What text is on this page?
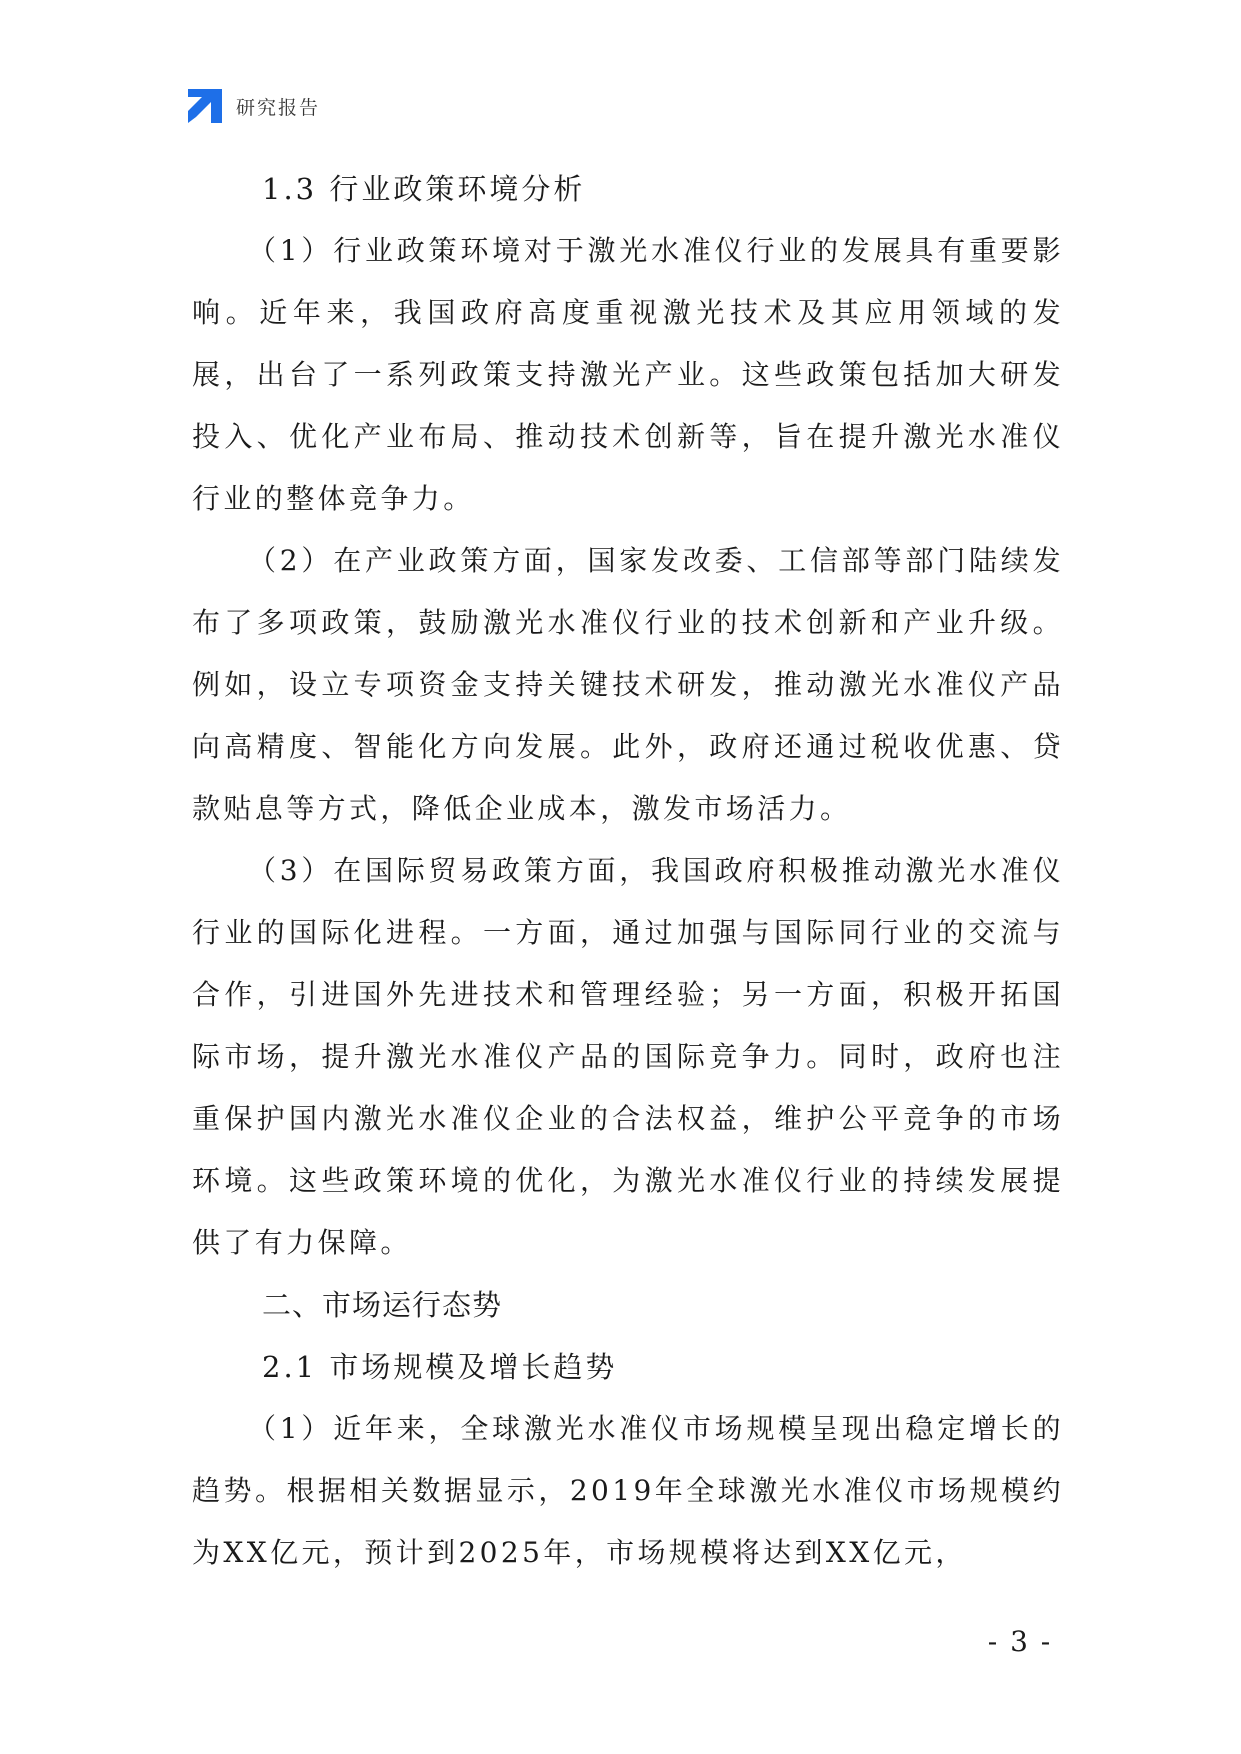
研究报告
1.3 行业政策环境分析

（1）行业政策环境对于激光水准仪行业的发展具有重要影响。近年来，我国政府高度重视激光技术及其应用领域的发展，出台了一系列政策支持激光产业。这些政策包括加大研发投入、优化产业布局、推动技术创新等，旨在提升激光水准仪行业的整体竞争力。

（2）在产业政策方面，国家发改委、工信部等部门陆续发布了多项政策，鼓励激光水准仪行业的技术创新和产业升级。例如，设立专项资金支持关键技术研发，推动激光水准仪产品向高精度、智能化方向发展。此外，政府还通过税收优惠、贷款贴息等方式，降低企业成本，激发市场活力。

（3）在国际贸易政策方面，我国政府积极推动激光水准仪行业的国际化进程。一方面，通过加强与国际同行业的交流与合作，引进国外先进技术和管理经验；另一方面，积极开拓国际市场，提升激光水准仪产品的国际竞争力。同时，政府也注重保护国内激光水准仪企业的合法权益，维护公平竞争的市场环境。这些政策环境的优化，为激光水准仪行业的持续发展提供了有力保障。

二、市场运行态势
2.1 市场规模及增长趋势

（1）近年来，全球激光水准仪市场规模呈现出稳定增长的趋势。根据相关数据显示，2019年全球激光水准仪市场规模约为XX亿元，预计到2025年，市场规模将达到XX亿元，

- 3 -
